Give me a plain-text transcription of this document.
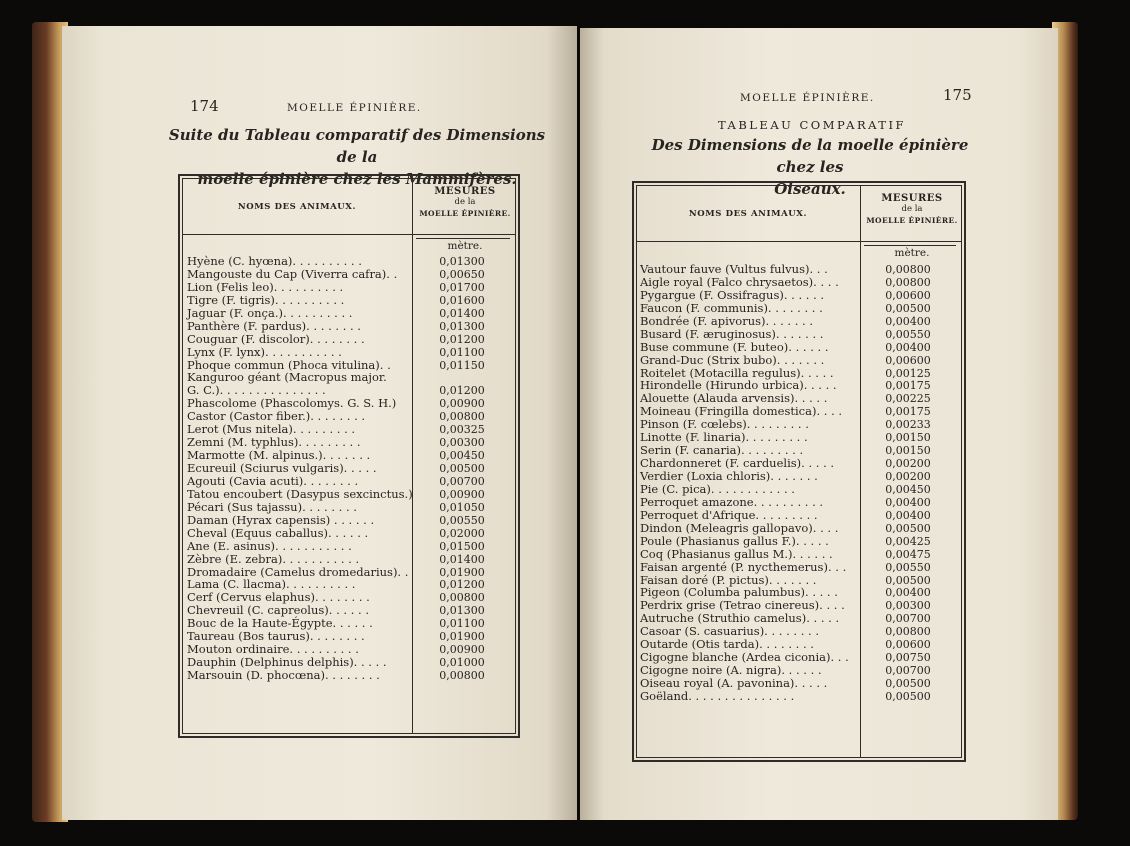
174	MOELLE ÉPINIÈRE.
Suite du Tableau comparatif des Dimensions de la
moelle épinière chez les Mammifères.
NOMS DES ANIMAUX.
MESURES
de la
MOELLE ÉPINIÈRE.
mètre.
Hyène (C. hyœna). . . . . . . . . .	0,01300
Mangouste du Cap (Viverra cafra). .	0,00650
Lion (Felis leo). . . . . . . . . .	0,01700
Tigre (F. tigris). . . . . . . . . .	0,01600
Jaguar (F. onça.). . . . . . . . . .	0,01400
Panthère (F. pardus). . . . . . . .	0,01300
Couguar (F. discolor). . . . . . . .	0,01200
Lynx (F. lynx). . . . . . . . . . .	0,01100
Phoque commun (Phoca vitulina). .	0,01150
Kanguroo géant (Macropus major.
G. C.). . . . . . . . . . . . . . .	0,01200
Phascolome (Phascolomys. G. S. H.)	0,00900
Castor (Castor fiber.). . . . . . . .	0,00800
Lerot (Mus nitela). . . . . . . . .	0,00325
Zemni (M. typhlus). . . . . . . . .	0,00300
Marmotte (M. alpinus.). . . . . . .	0,00450
Ecureuil (Sciurus vulgaris). . . . .	0,00500
Agouti (Cavia acuti). . . . . . . .	0,00700
Tatou encoubert (Dasypus sexcinctus.)	0,00900
Pécari (Sus tajassu). . . . . . . .	0,01050
Daman (Hyrax capensis) . . . . . .	0,00550
Cheval (Equus caballus). . . . . .	0,02000
Ane (E. asinus). . . . . . . . . . .	0,01500
Zèbre (E. zebra). . . . . . . . . . .	0,01400
Dromadaire (Camelus dromedarius). .	0,01900
Lama (C. llacma). . . . . . . . . .	0,01200
Cerf (Cervus elaphus). . . . . . . .	0,00800
Chevreuil (C. capreolus). . . . . .	0,01300
Bouc de la Haute-Égypte. . . . . .	0,01100
Taureau (Bos taurus). . . . . . . .	0,01900
Mouton ordinaire. . . . . . . . . .	0,00900
Dauphin (Delphinus delphis). . . . .	0,01000
Marsouin (D. phocœna). . . . . . . .	0,00800
MOELLE ÉPINIÈRE.	175
TABLEAU COMPARATIF
Des Dimensions de la moelle épinière chez les
Oiseaux.
NOMS DES ANIMAUX.
MESURES
de la
MOELLE ÉPINIÈRE.
mètre.
Vautour fauve (Vultus fulvus). . .	0,00800
Aigle royal (Falco chrysaetos). . . .	0,00800
Pygargue (F. Ossifragus). . . . . .	0,00600
Faucon (F. communis). . . . . . . .	0,00500
Bondrée (F. apivorus). . . . . . .	0,00400
Busard (F. æruginosus). . . . . . .	0,00550
Buse commune (F. buteo). . . . . .	0,00400
Grand-Duc (Strix bubo). . . . . . .	0,00600
Roitelet (Motacilla regulus). . . . .	0,00125
Hirondelle (Hirundo urbica). . . . .	0,00175
Alouette (Alauda arvensis). . . . .	0,00225
Moineau (Fringilla domestica). . . .	0,00175
Pinson (F. cœlebs). . . . . . . . .	0,00233
Linotte (F. linaria). . . . . . . . .	0,00150
Serin (F. canaria). . . . . . . . .	0,00150
Chardonneret (F. carduelis). . . . .	0,00200
Verdier (Loxia chloris). . . . . . .	0,00200
Pie (C. pica). . . . . . . . . . . .	0,00450
Perroquet amazone. . . . . . . . . .	0,00400
Perroquet d'Afrique. . . . . . . . .	0,00400
Dindon (Meleagris gallopavo). . . .	0,00500
Poule (Phasianus gallus F.). . . . .	0,00425
Coq (Phasianus gallus M.). . . . . .	0,00475
Faisan argenté (P. nycthemerus). . .	0,00550
Faisan doré (P. pictus). . . . . . .	0,00500
Pigeon (Columba palumbus). . . . .	0,00400
Perdrix grise (Tetrao cinereus). . . .	0,00300
Autruche (Struthio camelus). . . . .	0,00700
Casoar (S. casuarius). . . . . . . .	0,00800
Outarde (Otis tarda). . . . . . . .	0,00600
Cigogne blanche (Ardea ciconia). . .	0,00750
Cigogne noire (A. nigra). . . . . .	0,00700
Oiseau royal (A. pavonina). . . . .	0,00500
Goëland. . . . . . . . . . . . . . .	0,00500
